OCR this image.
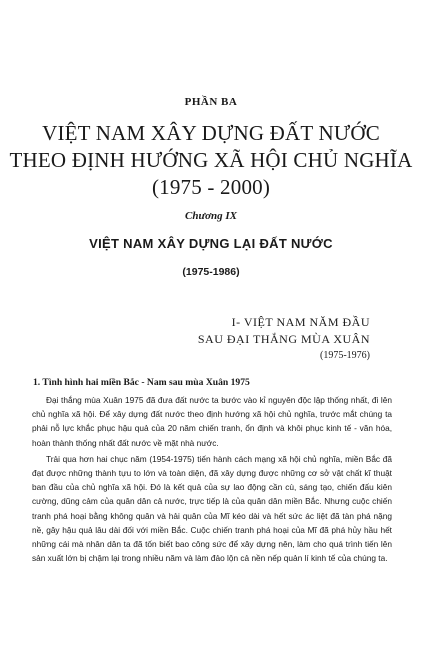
PHẦN BA
VIỆT NAM XÂY DỰNG ĐẤT NƯỚC
THEO ĐỊNH HƯỚNG XÃ HỘI CHỦ NGHĨA
(1975 - 2000)
Chương IX
VIỆT NAM XÂY DỰNG LẠI ĐẤT NƯỚC
(1975-1986)
I- VIỆT NAM NĂM ĐẦU
SAU ĐẠI THẮNG MÙA XUÂN
(1975-1976)
1. Tình hình hai miền Bắc - Nam sau mùa Xuân 1975

Đại thắng mùa Xuân 1975 đã đưa đất nước ta bước vào kỉ nguyên độc lập thống nhất, đi lên chủ nghĩa xã hội. Để xây dựng đất nước theo định hướng xã hội chủ nghĩa, trước mắt chúng ta phải nỗ lực khắc phục hậu quả của 20 năm chiến tranh, ổn định và khôi phục kinh tế - văn hóa, hoàn thành thống nhất đất nước về mặt nhà nước.

Trải qua hơn hai chục năm (1954-1975) tiến hành cách mạng xã hội chủ nghĩa, miền Bắc đã đạt được những thành tựu to lớn và toàn diện, đã xây dựng được những cơ sở vật chất kĩ thuật ban đầu của chủ nghĩa xã hội. Đó là kết quả của sự lao động cần cù, sáng tạo, chiến đấu kiên cường, dũng cảm của quân dân cả nước, trực tiếp là của quân dân miền Bắc. Nhưng cuộc chiến tranh phá hoại bằng không quân và hải quân của Mĩ kéo dài và hết sức ác liệt đã tàn phá nặng nề, gây hậu quả lâu dài đối với miền Bắc. Cuộc chiến tranh phá hoại của Mĩ đã phá hủy hầu hết những cái mà nhân dân ta đã tốn biết bao công sức để xây dựng nên, làm cho quá trình tiến lên sản xuất lớn bị chậm lại trong nhiều năm và làm đảo lộn cả nền nếp quản lí kinh tế của chúng ta.
